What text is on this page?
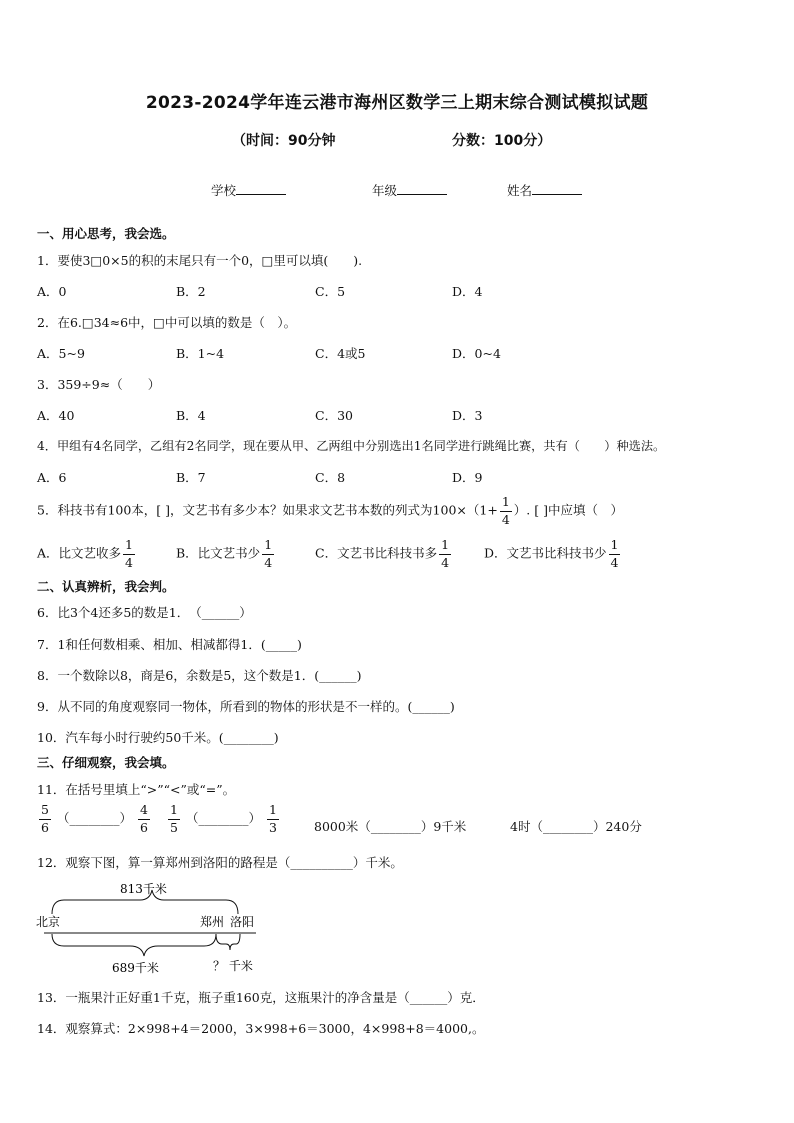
2023-2024学年连云港市海州区数学三上期末综合测试模拟试题
（时间：90分钟	分数：100分）
学校	年级	姓名
一、用心思考，我会选。
1．要使3□0×5的积的末尾只有一个0，□里可以填(　　).
A．0	B．2	C．5	D．4
2．在6.□34≈6中，□中可以填的数是（　）。
A．5~9	B．1~4	C．4或5	D．0~4
3．359÷9≈（　　）
A．40	B．4	C．30	D．3
4．甲组有4名同学，乙组有2名同学，现在要从甲、乙两组中分别选出1名同学进行跳绳比赛，共有（　　）种选法。
A．6	B．7	C．8	D．9
5．科技书有100本，[ ]，文艺书有多少本？如果求文艺书本数的列式为$100\times(1+ \frac{1}{4}$ ）. [ ]中应填（　）
A．比文艺收多 $\frac{1}{4}$	B．比文艺书少 $\frac{1}{4}$	C．文艺书比科技书多 $\frac{1}{4}$	D．文艺书比科技书少 $\frac{1}{4}$
二、认真辨析，我会判。
6．比3个4还多5的数是1．　（______）
7．1和任何数相乘、相加、相减都得1．(_____)
8．一个数除以8，商是6，余数是5，这个数是1．(______)
9．从不同的角度观察同一物体，所看到的物体的形状是不一样的。(______)
10．汽车每小时行驶约50千米。(________)
三、仔细观察，我会填。
11．在括号里填上“>”“<”或“=”。
$\frac{5}{6}$ （________） $\frac{4}{6} \frac{1}{5}$ （________） $\frac{1}{3}$	8000米（________）9千米	4时（________）240分
12．观察下图，算一算郑州到洛阳的路程是（__________）千米。
813千米
北京	郑州 洛阳
689千米	？ 千米
13．一瓶果汁正好重1千克，瓶子重160克，这瓶果汁的净含量是（______）克．
14．观察算式：2×998+4＝2000，3×998+6＝3000，4×998+8＝4000,。
